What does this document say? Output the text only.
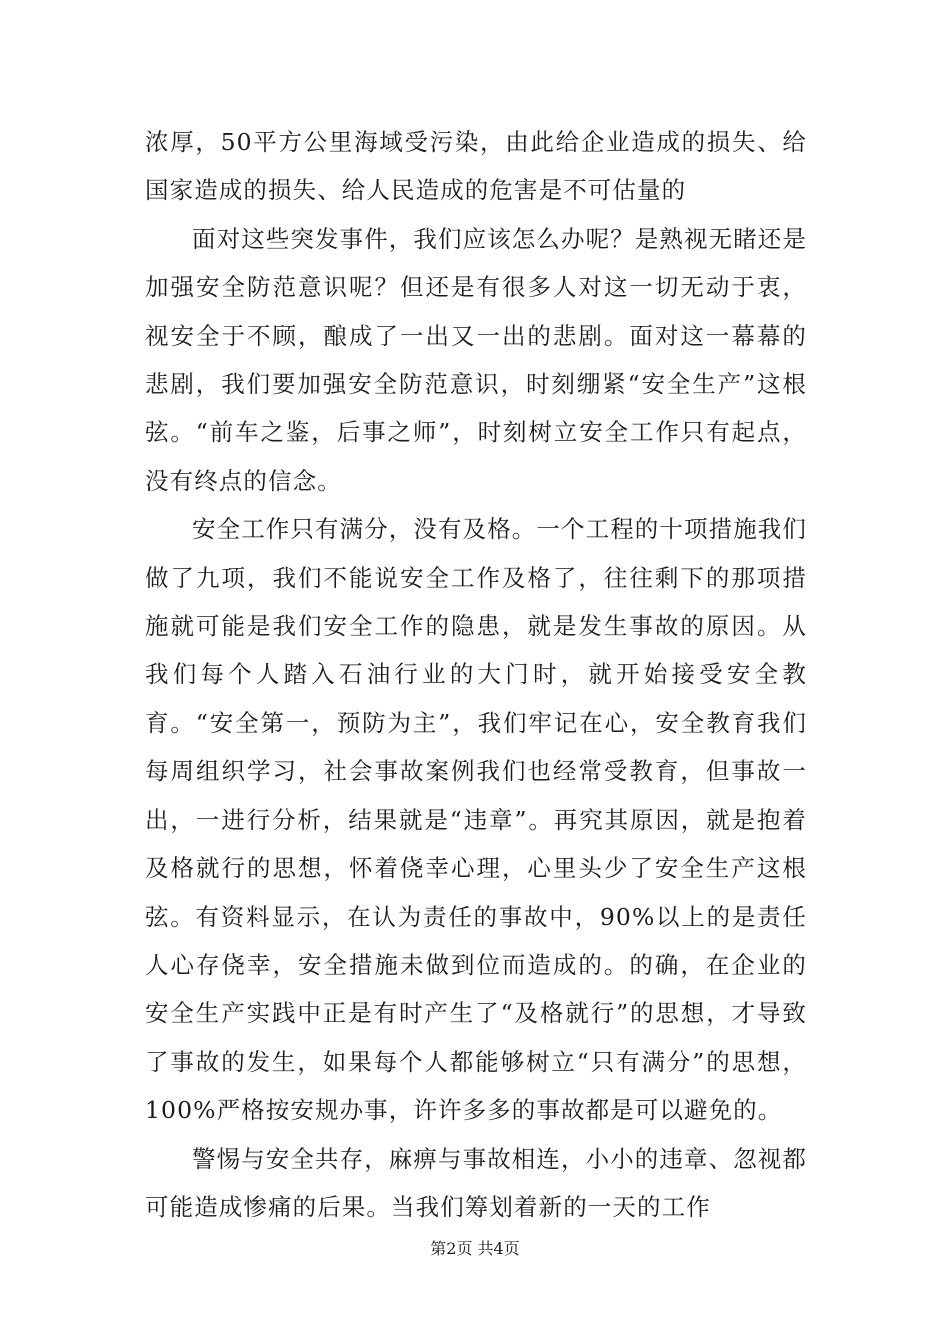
浓厚，50平方公里海域受污染，由此给企业造成的损失、给国家造成的损失、给人民造成的危害是不可估量的

面对这些突发事件，我们应该怎么办呢？是熟视无睹还是加强安全防范意识呢？但还是有很多人对这一切无动于衷，视安全于不顾，酿成了一出又一出的悲剧。面对这一幕幕的悲剧，我们要加强安全防范意识，时刻绷紧“安全生产”这根弦。“前车之鉴，后事之师”，时刻树立安全工作只有起点，没有终点的信念。

安全工作只有满分，没有及格。一个工程的十项措施我们做了九项，我们不能说安全工作及格了，往往剩下的那项措施就可能是我们安全工作的隐患，就是发生事故的原因。从我们每个人踏入石油行业的大门时，就开始接受安全教育。“安全第一，预防为主”，我们牢记在心，安全教育我们每周组织学习，社会事故案例我们也经常受教育，但事故一出，一进行分析，结果就是“违章”。再究其原因，就是抱着及格就行的思想，怀着侥幸心理，心里头少了安全生产这根弦。有资料显示，在认为责任的事故中，90%以上的是责任人心存侥幸，安全措施未做到位而造成的。的确，在企业的安全生产实践中正是有时产生了“及格就行”的思想，才导致了事故的发生，如果每个人都能够树立“只有满分”的思想，100%严格按安规办事，许许多多的事故都是可以避免的。

警惕与安全共存，麻痹与事故相连，小小的违章、忽视都可能造成惨痛的后果。当我们筹划着新的一天的工作

第2页 共4页
